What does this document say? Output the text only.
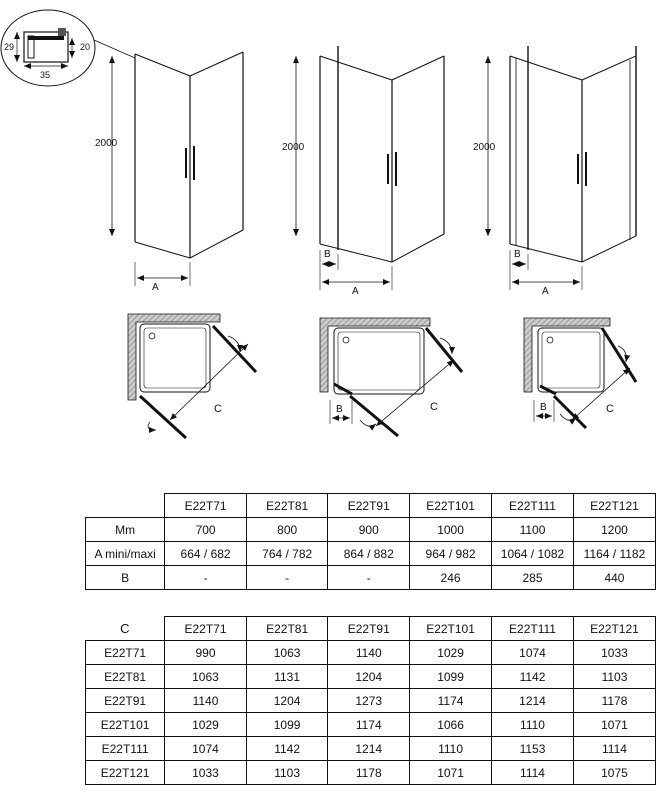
29	20
35
2000
A
2000
B
A
2000
B
A
C	C
B	C
B
	E22T71	E22T81	E22T91	E22T101	E22T111	E22T121
Mm	700	800	900	1000	1100	1200
A mini/maxi	664 / 682	764 / 782	864 / 882	964 / 982	1064 / 1082	1164 / 1182
B	-	-	-	246	285	440
C	E22T71	E22T81	E22T91	E22T101	E22T111	E22T121
E22T71	990	1063	1140	1029	1074	1033
E22T81	1063	1131	1204	1099	1142	1103
E22T91	1140	1204	1273	1174	1214	1178
E22T101	1029	1099	1174	1066	1110	1071
E22T111	1074	1142	1214	1110	1153	1114
E22T121	1033	1103	1178	1071	1114	1075
